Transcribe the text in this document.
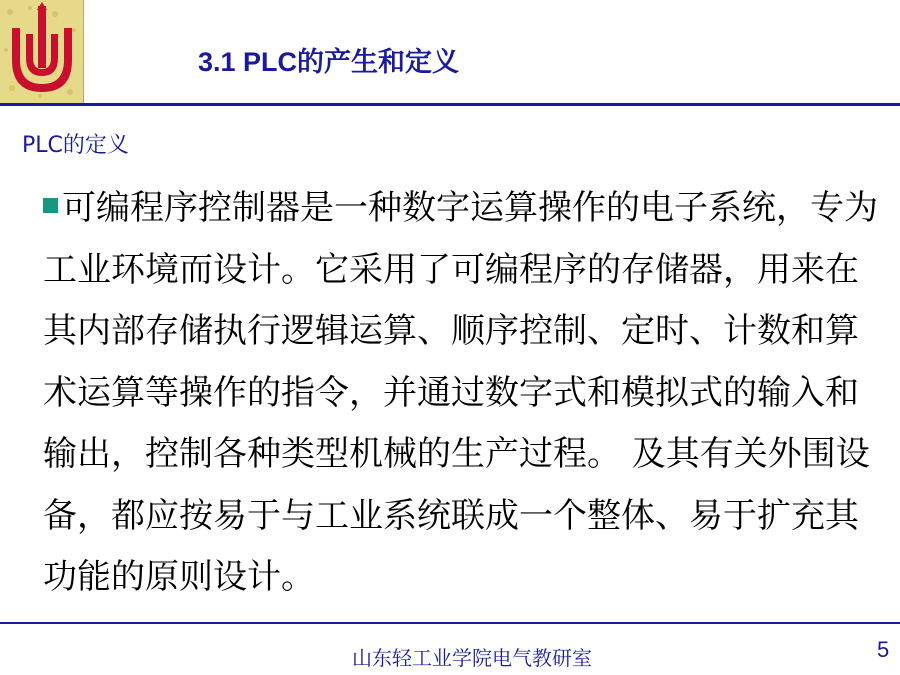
3.1 PLC的产生和定义
PLC的定义

可编程序控制器是一种数字运算操作的电子系统，专为工业环境而设计。它采用了可编程序的存储器，用来在其内部存储执行逻辑运算、顺序控制、定时、计数和算术运算等操作的指令，并通过数字式和模拟式的输入和输出，控制各种类型机械的生产过程。 及其有关外围设备，都应按易于与工业系统联成一个整体、易于扩充其功能的原则设计。

山东轻工业学院电气教研室	5
